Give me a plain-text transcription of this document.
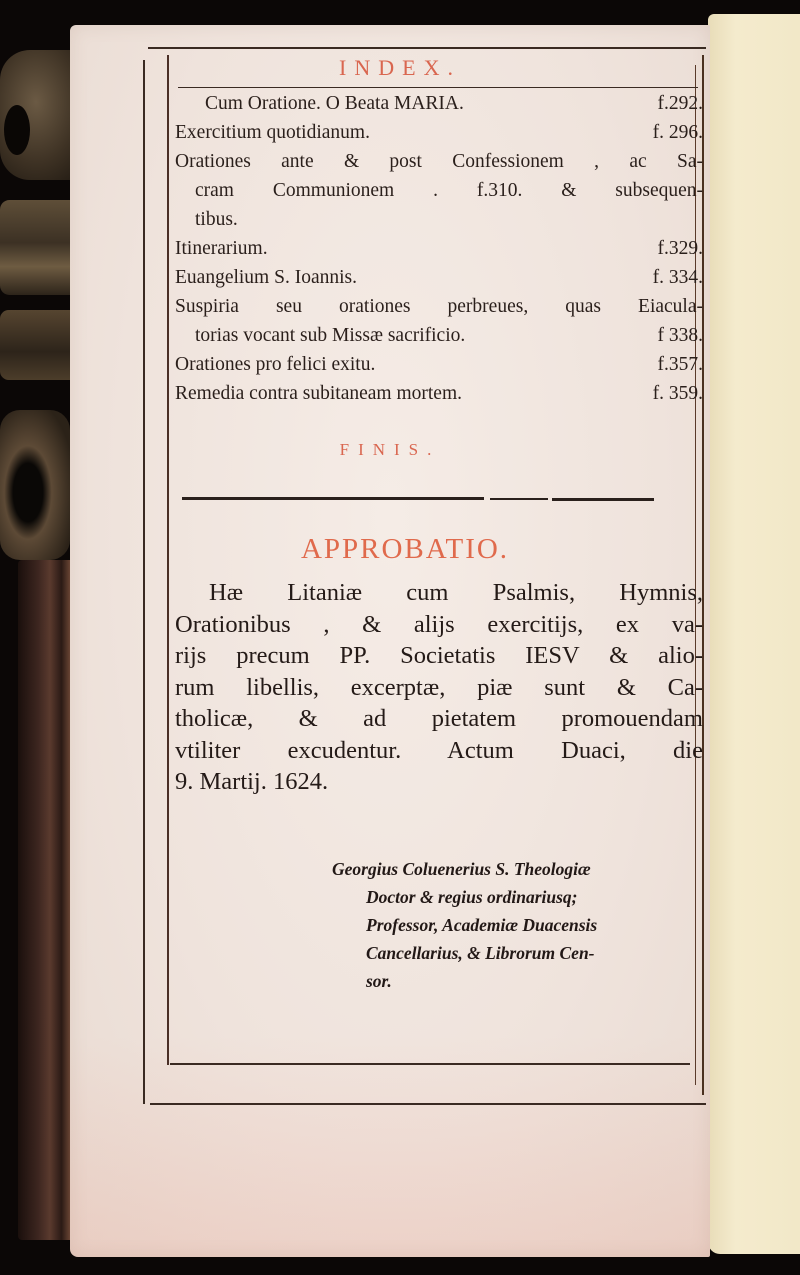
INDEX.
Cum Oratione. O Beata MARIA.	f.292.
Exercitium quotidianum.	f. 296.
Orationes ante & post Confessionem , ac Sa-
cram Communionem . f.310. & subsequen-
tibus.
Itinerarium.	f.329.
Euangelium S. Ioannis.	f. 334.
Suspiria seu orationes perbreues, quas Eiacula-
torias vocant sub Missæ sacrificio.	f 338.
Orationes pro felici exitu.	f.357.
Remedia contra subitaneam mortem.	f. 359.
FINIS.
APPROBATIO.
Hæ Litaniæ cum Psalmis, Hymnis,
Orationibus , & alijs exercitijs, ex va-
rijs precum PP. Societatis IESV & alio-
rum libellis, excerptæ, piæ sunt & Ca-
tholicæ, & ad pietatem promouendam
vtiliter excudentur. Actum Duaci, die
9. Martij. 1624.
Georgius Coluenerius S. Theologiæ
Doctor & regius ordinariusq;
Professor, Academiæ Duacensis
Cancellarius, & Librorum Cen-
sor.
